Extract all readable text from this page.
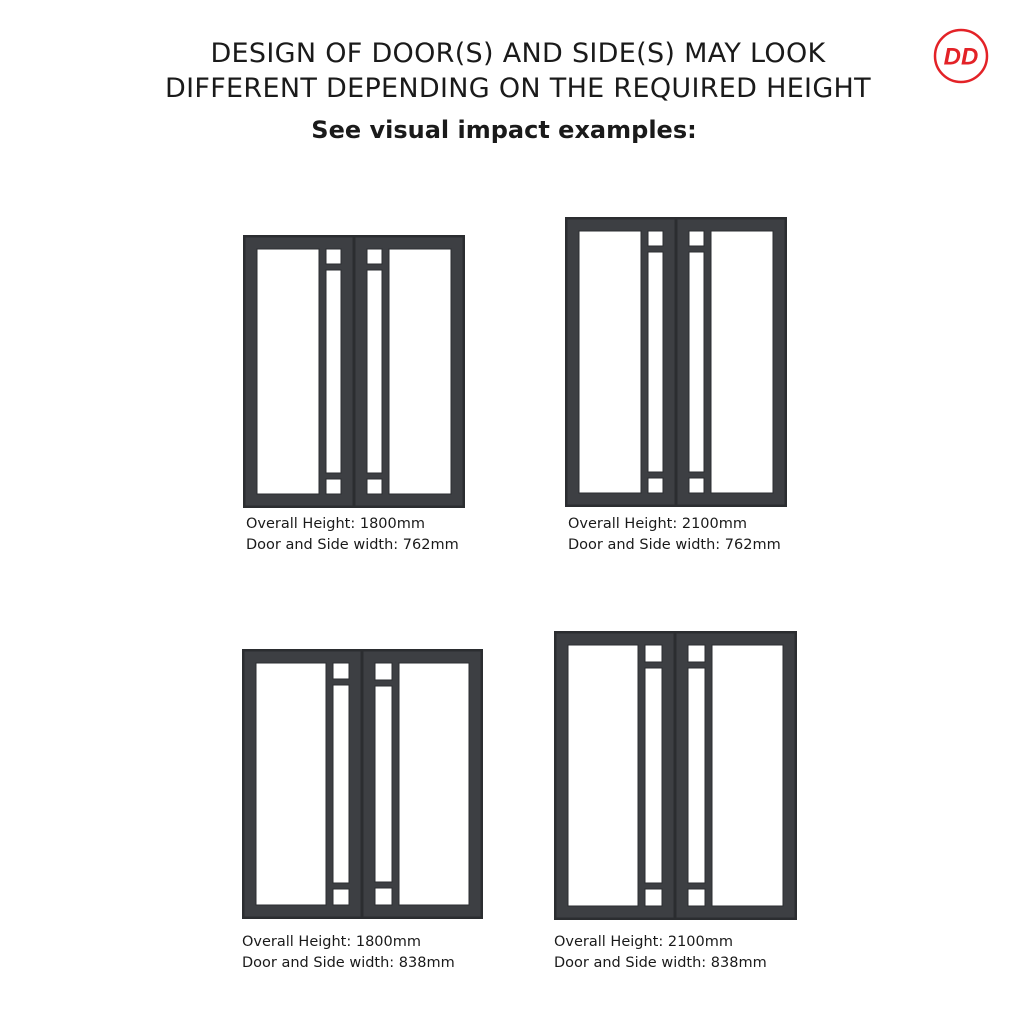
DESIGN OF DOOR(S) AND SIDE(S) MAY LOOK
DIFFERENT DEPENDING ON THE REQUIRED HEIGHT
See visual impact examples:
DD
Overall Height: 1800mm
Door and Side width: 762mm
Overall Height: 2100mm
Door and Side width: 762mm
Overall Height: 1800mm
Door and Side width: 838mm
Overall Height: 2100mm
Door and Side width: 838mm
